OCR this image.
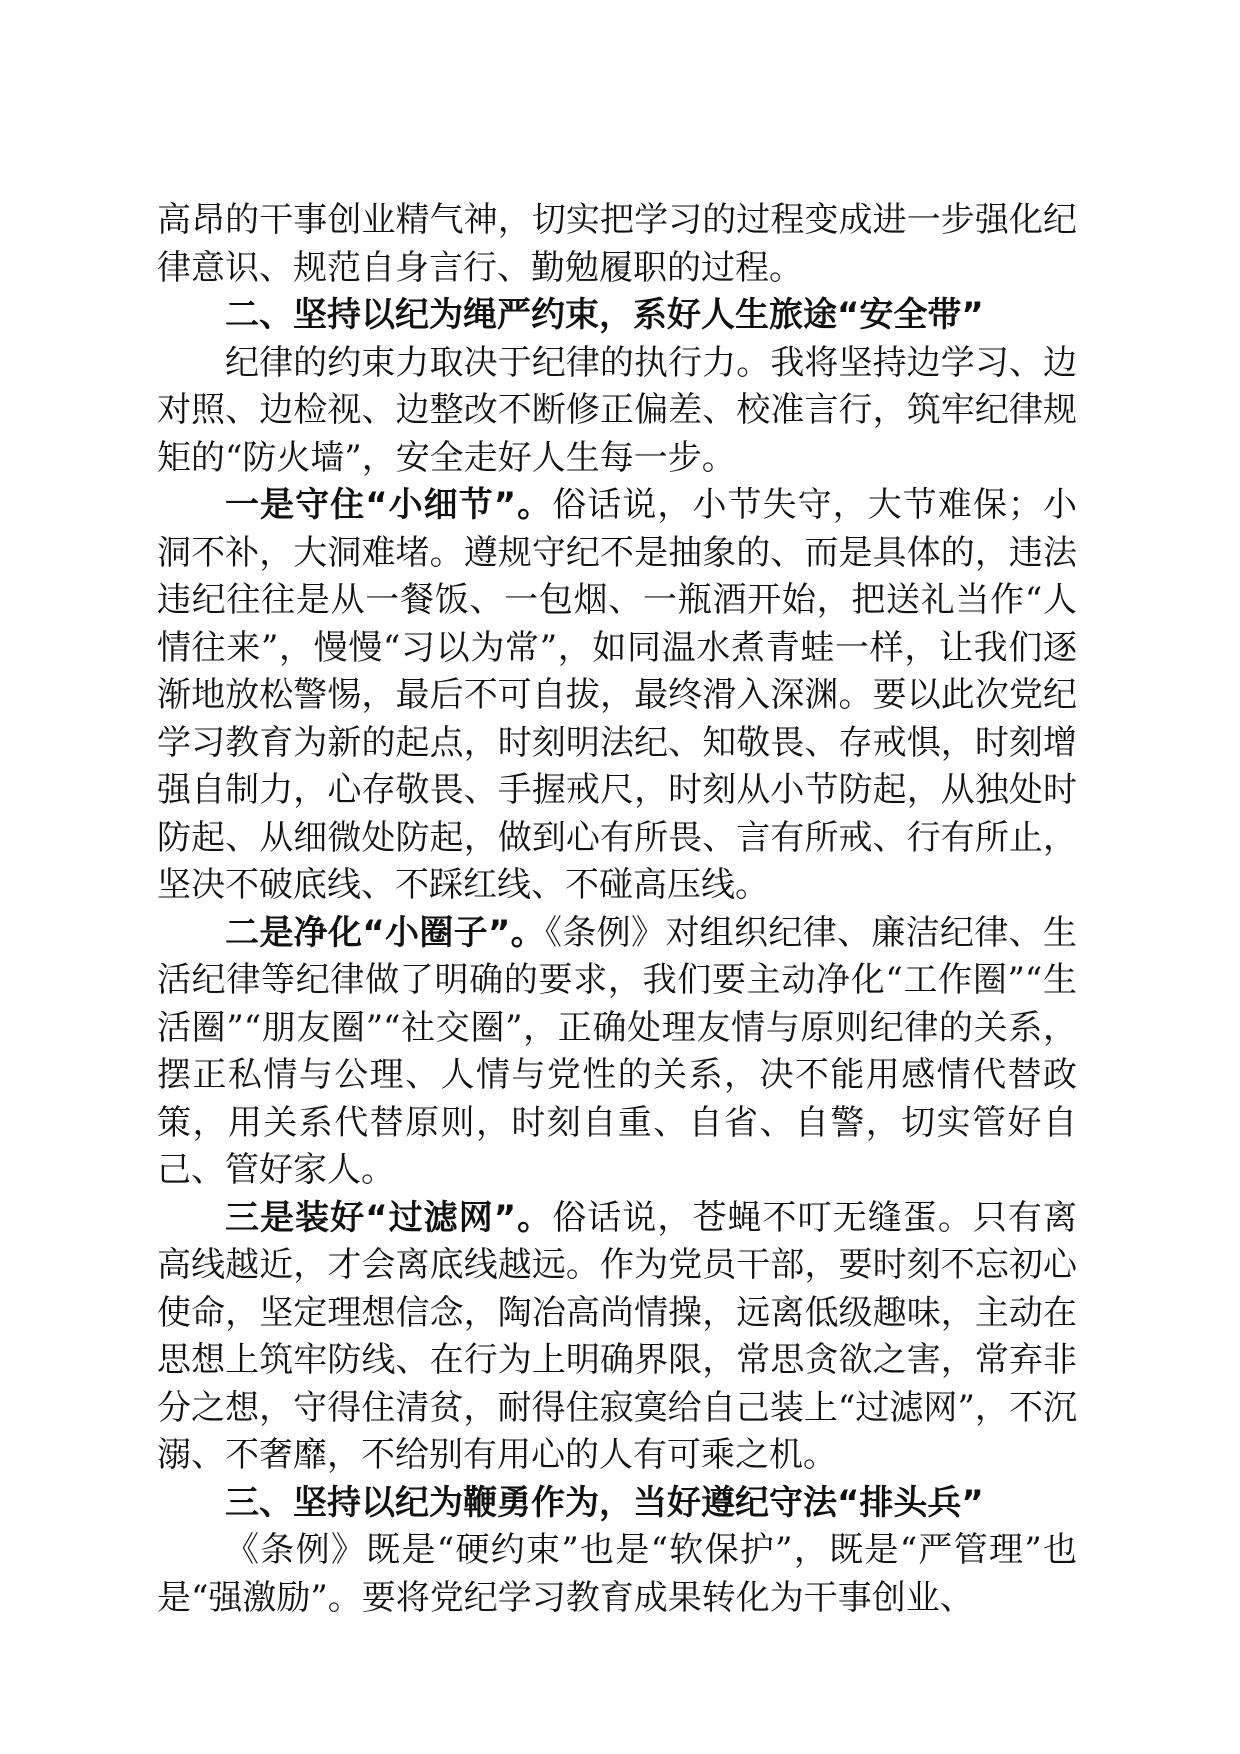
高昂的干事创业精气神，切实把学习的过程变成进一步强化纪律意识、规范自身言行、勤勉履职的过程。

二、坚持以纪为绳严约束，系好人生旅途“安全带”

纪律的约束力取决于纪律的执行力。我将坚持边学习、边对照、边检视、边整改不断修正偏差、校准言行，筑牢纪律规矩的“防火墙”，安全走好人生每一步。

一是守住“小细节”。俗话说，小节失守，大节难保；小洞不补，大洞难堵。遵规守纪不是抽象的、而是具体的，违法违纪往往是从一餐饭、一包烟、一瓶酒开始，把送礼当作“人情往来”，慢慢“习以为常”，如同温水煮青蛙一样，让我们逐渐地放松警惕，最后不可自拔，最终滑入深渊。要以此次党纪学习教育为新的起点，时刻明法纪、知敬畏、存戒惧，时刻增强自制力，心存敬畏、手握戒尺，时刻从小节防起，从独处时防起、从细微处防起，做到心有所畏、言有所戒、行有所止，坚决不破底线、不踩红线、不碰高压线。

二是净化“小圈子”。《条例》对组织纪律、廉洁纪律、生活纪律等纪律做了明确的要求，我们要主动净化“工作圈”“生活圈”“朋友圈”“社交圈”，正确处理友情与原则纪律的关系，摆正私情与公理、人情与党性的关系，决不能用感情代替政策，用关系代替原则，时刻自重、自省、自警，切实管好自己、管好家人。

三是装好“过滤网”。俗话说，苍蝇不叮无缝蛋。只有离高线越近，才会离底线越远。作为党员干部，要时刻不忘初心使命，坚定理想信念，陶冶高尚情操，远离低级趣味，主动在思想上筑牢防线、在行为上明确界限，常思贪欲之害，常弃非分之想，守得住清贫，耐得住寂寞给自己装上“过滤网”，不沉溺、不奢靡，不给别有用心的人有可乘之机。

三、坚持以纪为鞭勇作为，当好遵纪守法“排头兵”

《条例》既是“硬约束”也是“软保护”，既是“严管理”也是“强激励”。要将党纪学习教育成果转化为干事创业、
